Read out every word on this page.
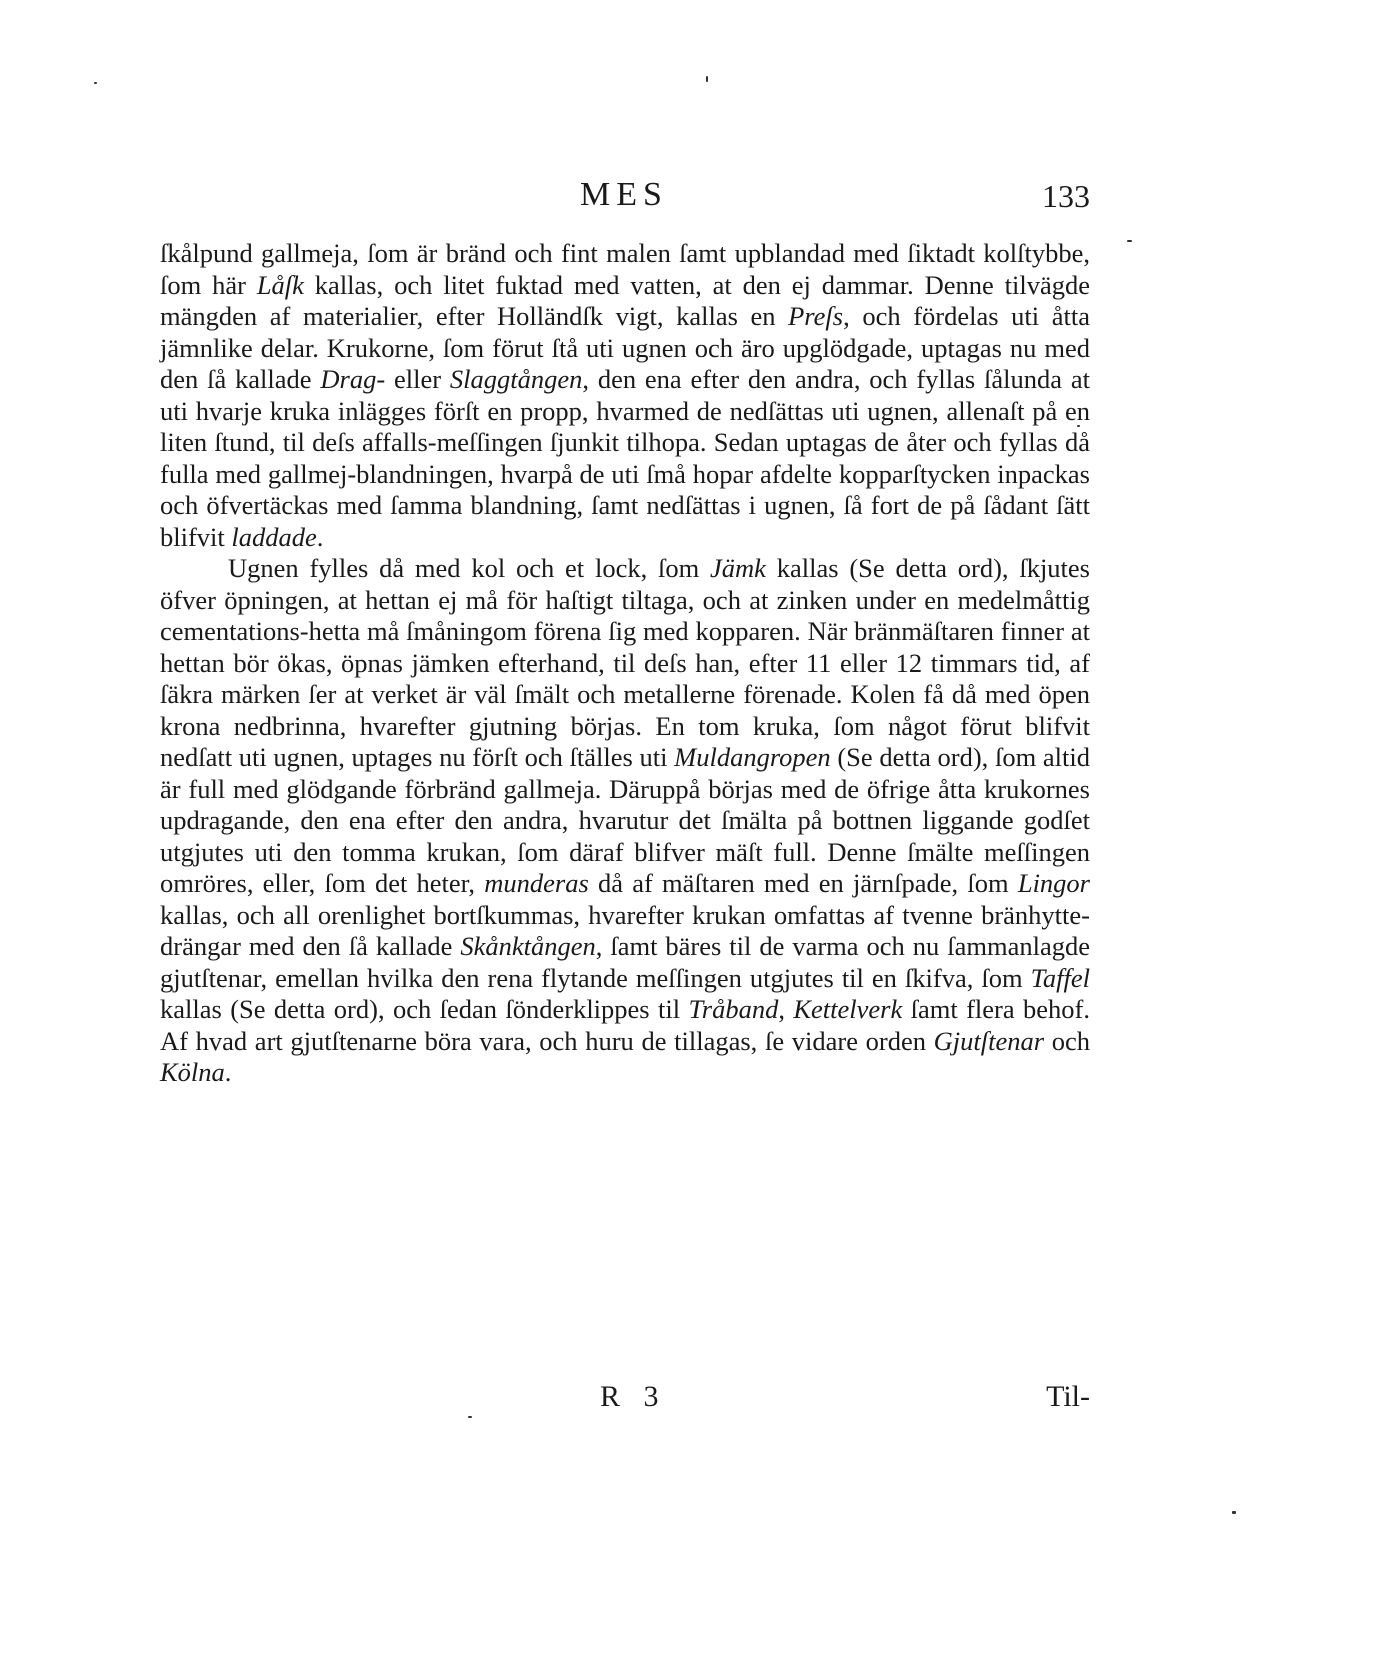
MES	133

ſkålpund gallmeja, ſom är bränd och fint malen ſamt upblandad med ſiktadt kolſtybbe, ſom här Låſk kallas, och litet fuktad med vatten, at den ej dammar. Denne tilvägde mängden af materialier, efter Holländſk vigt, kallas en Preſs, och fördelas uti åtta jämnlike delar. Krukorne, ſom förut ſtå uti ugnen och äro upglödgade, uptagas nu med den ſå kallade Drag- eller Slaggtången, den ena efter den andra, och fyllas ſålunda at uti hvarje kruka inlägges förſt en propp, hvarmed de nedſättas uti ugnen, allenaſt på en liten ſtund, til deſs affalls-meſſingen ſjunkit tilhopa. Sedan uptagas de åter och fyllas då fulla med gallmej-blandningen, hvarpå de uti ſmå hopar afdelte kopparſtycken inpackas och öfvertäckas med ſamma blandning, ſamt nedſättas i ugnen, ſå fort de på ſådant ſätt blifvit laddade.

Ugnen fylles då med kol och et lock, ſom Jämk kallas (Se detta ord), ſkjutes öfver öpningen, at hettan ej må för haſtigt tiltaga, och at zinken under en medelmåttig cementations-hetta må ſmåningom förena ſig med kopparen. När bränmäſtaren finner at hettan bör ökas, öpnas jämken efterhand, til deſs han, efter 11 eller 12 timmars tid, af ſäkra märken ſer at verket är väl ſmält och metallerne förenade. Kolen få då med öpen krona nedbrinna, hvarefter gjutning börjas. En tom kruka, ſom något förut blifvit nedſatt uti ugnen, uptages nu förſt och ſtälles uti Muldangropen (Se detta ord), ſom altid är full med glödgande förbränd gallmeja. Däruppå börjas med de öfrige åtta krukornes updragande, den ena efter den andra, hvarutur det ſmälta på bottnen liggande godſet utgjutes uti den tomma krukan, ſom däraf blifver mäſt full. Denne ſmälte meſſingen omröres, eller, ſom det heter, munderas då af mäſtaren med en järnſpade, ſom Lingor kallas, och all orenlighet bortſkummas, hvarefter krukan omfattas af tvenne bränhytte-drängar med den ſå kallade Skånktången, ſamt bäres til de varma och nu ſammanlagde gjutſtenar, emellan hvilka den rena flytande meſſingen utgjutes til en ſkifva, ſom Taffel kallas (Se detta ord), och ſedan ſönderklippes til Tråband, Kettelverk ſamt flera behof. Af hvad art gjutſtenarne böra vara, och huru de tillagas, ſe vidare orden Gjutſtenar och Kölna.

R 3	Til-
